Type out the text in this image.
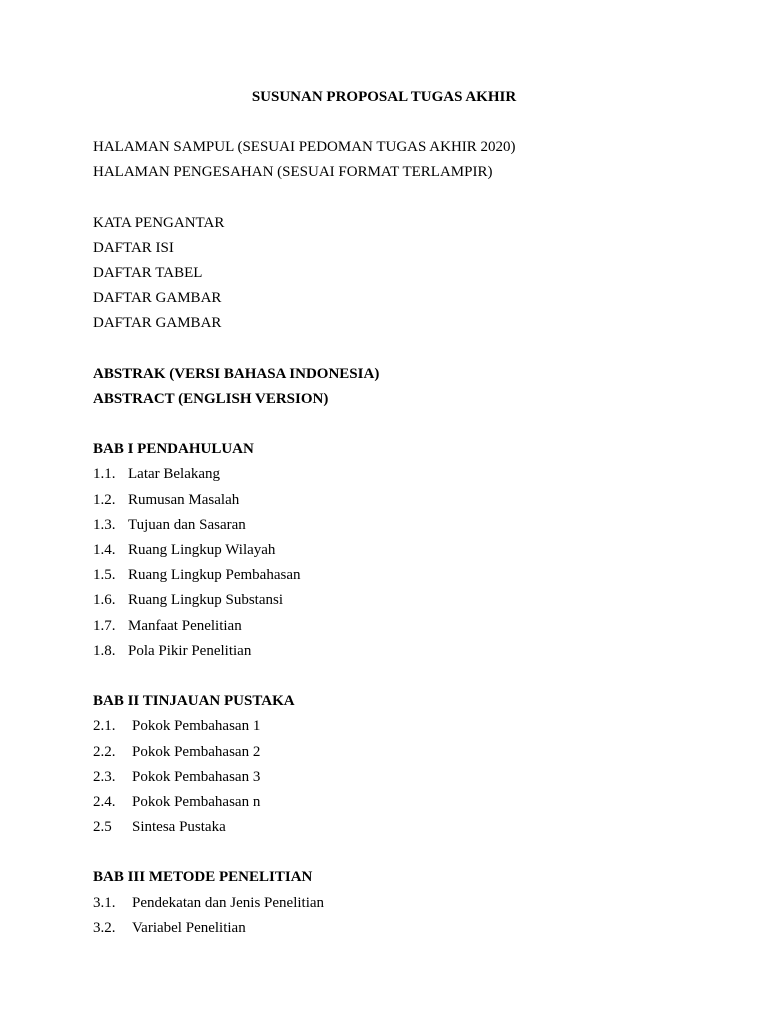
SUSUNAN PROPOSAL TUGAS AKHIR
HALAMAN SAMPUL (SESUAI PEDOMAN TUGAS AKHIR 2020)
HALAMAN PENGESAHAN (SESUAI FORMAT TERLAMPIR)
KATA PENGANTAR
DAFTAR ISI
DAFTAR TABEL
DAFTAR GAMBAR
DAFTAR GAMBAR
ABSTRAK (VERSI BAHASA INDONESIA)
ABSTRACT (ENGLISH VERSION)
BAB I PENDAHULUAN
1.1. Latar Belakang
1.2. Rumusan Masalah
1.3. Tujuan dan Sasaran
1.4. Ruang Lingkup Wilayah
1.5. Ruang Lingkup Pembahasan
1.6. Ruang Lingkup Substansi
1.7. Manfaat Penelitian
1.8. Pola Pikir Penelitian
BAB II TINJAUAN PUSTAKA
2.1. Pokok Pembahasan 1
2.2. Pokok Pembahasan 2
2.3. Pokok Pembahasan 3
2.4. Pokok Pembahasan n
2.5 Sintesa Pustaka
BAB III METODE PENELITIAN
3.1. Pendekatan dan Jenis Penelitian
3.2. Variabel Penelitian
